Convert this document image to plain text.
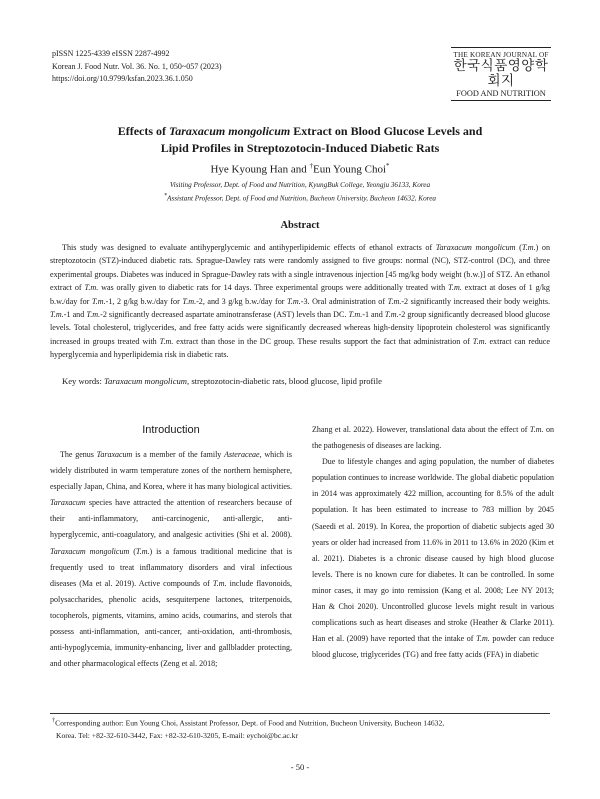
pISSN 1225-4339 eISSN 2287-4992
Korean J. Food Nutr. Vol. 36. No. 1, 050~057 (2023)
https://doi.org/10.9799/ksfan.2023.36.1.050
THE KOREAN JOURNAL OF
한국식품영양학회지
FOOD AND NUTRITION
Effects of Taraxacum mongolicum Extract on Blood Glucose Levels and
Lipid Profiles in Streptozotocin-Induced Diabetic Rats
Hye Kyoung Han and †Eun Young Choi*
Visiting Professor, Dept. of Food and Nutrition, KyungBuk College, Yeongju 36133, Korea
*Assistant Professor, Dept. of Food and Nutrition, Bucheon University, Bucheon 14632, Korea
Abstract

This study was designed to evaluate antihyperglycemic and antihyperlipidemic effects of ethanol extracts of Taraxacum mongolicum (T.m.) on streptozotocin (STZ)-induced diabetic rats. Sprague-Dawley rats were randomly assigned to five groups: normal (NC), STZ-control (DC), and three experimental groups. Diabetes was induced in Sprague-Dawley rats with a single intravenous injection [45 mg/kg body weight (b.w.)] of STZ. An ethanol extract of T.m. was orally given to diabetic rats for 14 days. Three experimental groups were additionally treated with T.m. extract at doses of 1 g/kg b.w./day for T.m.-1, 2 g/kg b.w./day for T.m.-2, and 3 g/kg b.w./day for T.m.-3. Oral administration of T.m.-2 significantly increased their body weights. T.m.-1 and T.m.-2 significantly decreased aspartate aminotransferase (AST) levels than DC. T.m.-1 and T.m.-2 group significantly decreased blood glucose levels. Total cholesterol, triglycerides, and free fatty acids were significantly decreased whereas high-density lipoprotein cholesterol was significantly increased in groups treated with T.m. extract than those in the DC group. These results support the fact that administration of T.m. extract can reduce hyperglycemia and hyperlipidemia risk in diabetic rats.

Key words: Taraxacum mongolicum, streptozotocin-diabetic rats, blood glucose, lipid profile
Introduction

The genus Taraxacum is a member of the family Asteraceae, which is widely distributed in warm temperature zones of the northern hemisphere, especially Japan, China, and Korea, where it has many biological activities. Taraxacum species have attracted the attention of researchers because of their anti-inflammatory, anti-carcinogenic, anti-allergic, anti-hyperglycemic, anti-coagulatory, and analgesic activities (Shi et al. 2008). Taraxacum mongolicum (T.m.) is a famous traditional medicine that is frequently used to treat inflammatory disorders and viral infectious diseases (Ma et al. 2019). Active compounds of T.m. include flavonoids, polysaccharides, phenolic acids, sesquiterpene lactones, triterpenoids, tocopherols, pigments, vitamins, amino acids, coumarins, and sterols that possess anti-inflammation, anti-cancer, anti-oxidation, anti-thrombosis, anti-hypoglycemia, immunity-enhancing, liver and gallbladder protecting, and other pharmacological effects (Zeng et al. 2018;

Zhang et al. 2022). However, translational data about the effect of T.m. on the pathogenesis of diseases are lacking.

Due to lifestyle changes and aging population, the number of diabetes population continues to increase worldwide. The global diabetic population in 2014 was approximately 422 million, accounting for 8.5% of the adult population. It has been estimated to increase to 783 million by 2045 (Saeedi et al. 2019). In Korea, the proportion of diabetic subjects aged 30 years or older had increased from 11.6% in 2011 to 13.6% in 2020 (Kim et al. 2021). Diabetes is a chronic disease caused by high blood glucose levels. There is no known cure for diabetes. It can be controlled. In some minor cases, it may go into remission (Kang et al. 2008; Lee NY 2013; Han & Choi 2020). Uncontrolled glucose levels might result in various complications such as heart diseases and stroke (Heather & Clarke 2011). Han et al. (2009) have reported that the intake of T.m. powder can reduce blood glucose, triglycerides (TG) and free fatty acids (FFA) in diabetic

†Corresponding author: Eun Young Choi, Assistant Professor, Dept. of Food and Nutrition, Bucheon University, Bucheon 14632,
Korea. Tel: +82-32-610-3442, Fax: +82-32-610-3205, E-mail: eychoi@bc.ac.kr
- 50 -
